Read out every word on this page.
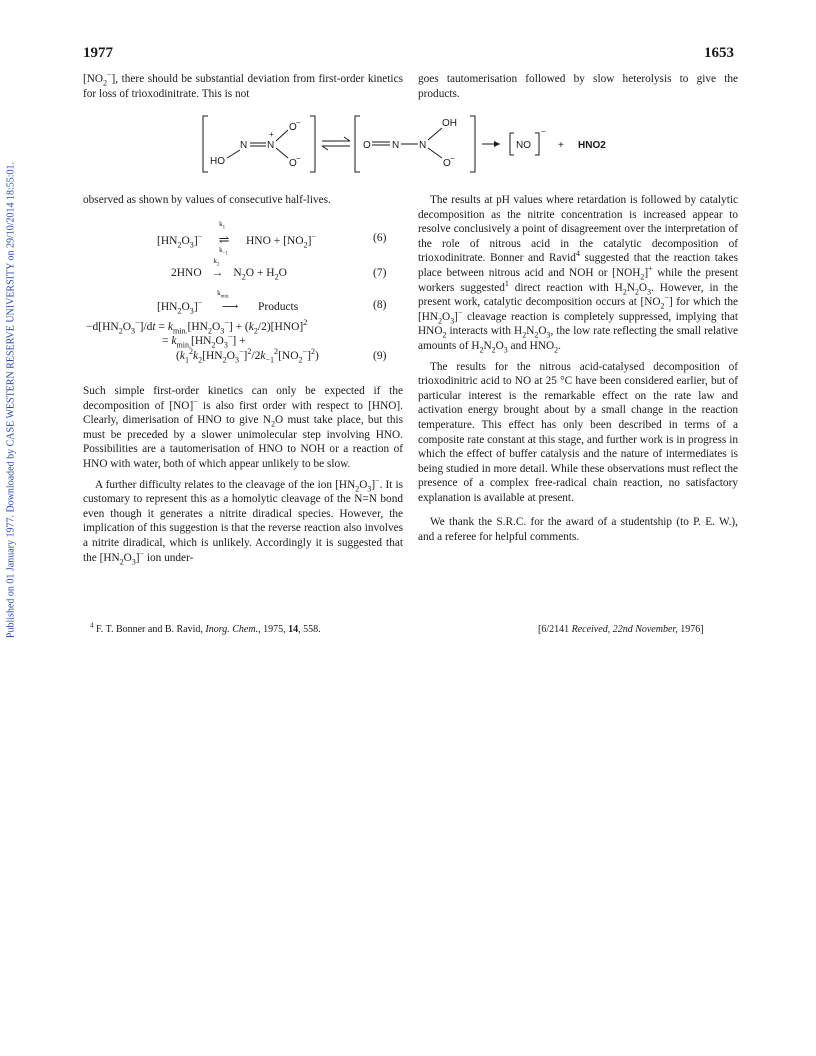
1977	1653
Published on 01 January 1977. Downloaded by CASE WESTERN RESERVE UNIVERSITY on 29/10/2014 18:55:01.

$[NO_2^-]$, there should be substantial deviation from first-order kinetics for loss of trioxodinitrate. This is not

goes tautomerisation followed by slow heterolysis to give the products.

HO
N N
+
O −
O −
O N N
OH
O −
NO
−
+ HNO2

observed as shown by values of consecutive half-lives.

$[HN_2O_3]^-$
$k_1$
⇌
$k_{-1}$
HNO + $[NO_2]^-$	(6)
2HNO
$k_2$
→ $N_2O + H_2O$	(7)
$[HN_2O_3]^-$
$k_{min.}$
⟶ Products	(8)
$-d[HN_2O_3^-]/dt = k_{min.}[HN_2O_3^-] + (k_2/2)[HNO]^2$
= $k_{min.}[HN_2O_3^-]$ +
$(k_1^2k_2[HN_2O_3^-]^2/2k_{-1}^2[NO_2^-]^2)$	(9)

Such simple first-order kinetics can only be expected if the decomposition of [NO]− is also first order with respect to [HNO]. Clearly, dimerisation of HNO to give $N_2O$ must take place, but this must be preceded by a slower unimolecular step involving HNO. Possibilities are a tautomerisation of HNO to NOH or a reaction of HNO with water, both of which appear unlikely to be slow.

A further difficulty relates to the cleavage of the ion $[HN_2O_3]^-$. It is customary to represent this as a homolytic cleavage of the N=N bond even though it generates a nitrite diradical species. However, the implication of this suggestion is that the reverse reaction also involves a nitrite diradical, which is unlikely. Accordingly it is suggested that the $[HN_2O_3]^-$ ion under-

The results at pH values where retardation is followed by catalytic decomposition as the nitrite concentration is increased appear to resolve conclusively a point of disagreement over the interpretation of the role of nitrous acid in the catalytic decomposition of trioxodinitrate. Bonner and Ravid$^4$ suggested that the reaction takes place between nitrous acid and NOH or $[NOH_2]^+$ while the present workers suggested$^1$ direct reaction with $H_2N_2O_3$. However, in the present work, catalytic decomposition occurs at $[NO_2^-]$ for which the $[HN_2O_3]^-$ cleavage reaction is completely suppressed, implying that $HNO_2$ interacts with $H_2N_2O_3$, the low rate reflecting the small relative amounts of $H_2N_2O_3$ and $HNO_2$.

The results for the nitrous acid-catalysed decomposition of trioxodinitric acid to NO at 25 °C have been considered earlier, but of particular interest is the remarkable effect on the rate law and activation energy brought about by a small change in the reaction temperature. This effect has only been described in terms of a composite rate constant at this stage, and further work is in progress in which the effect of buffer catalysis and the nature of intermediates is being studied in more detail. While these observations must reflect the presence of a complex free-radical chain reaction, no satisfactory explanation is available at present.

We thank the S.R.C. for the award of a studentship (to P. E. W.), and a referee for helpful comments.

$^4$ F. T. Bonner and B. Ravid, Inorg. Chem., 1975, 14, 558.	[6/2141 Received, 22nd November, 1976]
